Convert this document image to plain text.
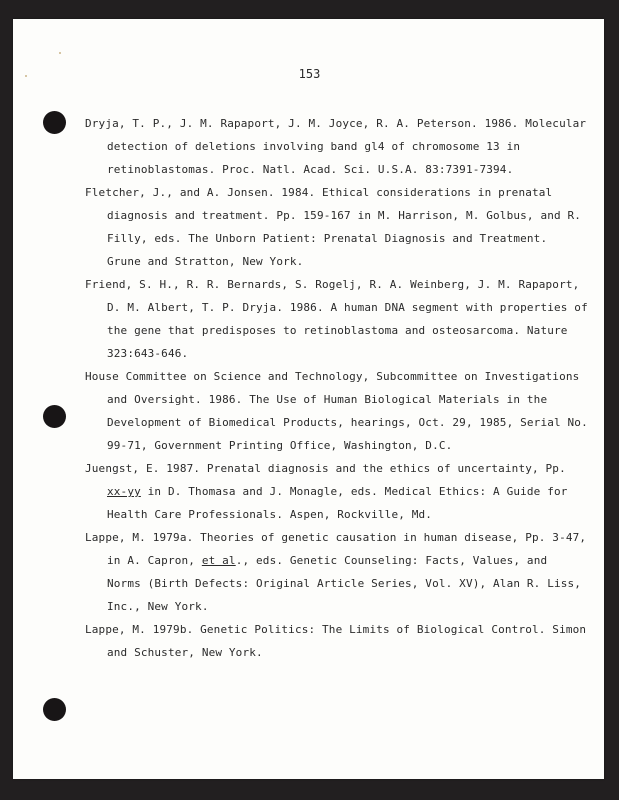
153
Dryja, T. P., J. M. Rapaport, J. M. Joyce, R. A. Peterson. 1986. Molecular
detection of deletions involving band gl4 of chromosome 13 in
retinoblastomas. Proc. Natl. Acad. Sci. U.S.A. 83:7391-7394.
Fletcher, J., and A. Jonsen. 1984. Ethical considerations in prenatal
diagnosis and treatment. Pp. 159-167 in M. Harrison, M. Golbus, and R.
Filly, eds. The Unborn Patient: Prenatal Diagnosis and Treatment.
Grune and Stratton, New York.
Friend, S. H., R. R. Bernards, S. Rogelj, R. A. Weinberg, J. M. Rapaport,
D. M. Albert, T. P. Dryja. 1986. A human DNA segment with properties of
the gene that predisposes to retinoblastoma and osteosarcoma. Nature
323:643-646.
House Committee on Science and Technology, Subcommittee on Investigations
and Oversight. 1986. The Use of Human Biological Materials in the
Development of Biomedical Products, hearings, Oct. 29, 1985, Serial No.
99-71, Government Printing Office, Washington, D.C.
Juengst, E. 1987. Prenatal diagnosis and the ethics of uncertainty, Pp.
xx-yy in D. Thomasa and J. Monagle, eds. Medical Ethics: A Guide for
Health Care Professionals. Aspen, Rockville, Md.
Lappe, M. 1979a. Theories of genetic causation in human disease, Pp. 3-47,
in A. Capron, et al., eds. Genetic Counseling: Facts, Values, and
Norms (Birth Defects: Original Article Series, Vol. XV), Alan R. Liss,
Inc., New York.
Lappe, M. 1979b. Genetic Politics: The Limits of Biological Control. Simon
and Schuster, New York.
